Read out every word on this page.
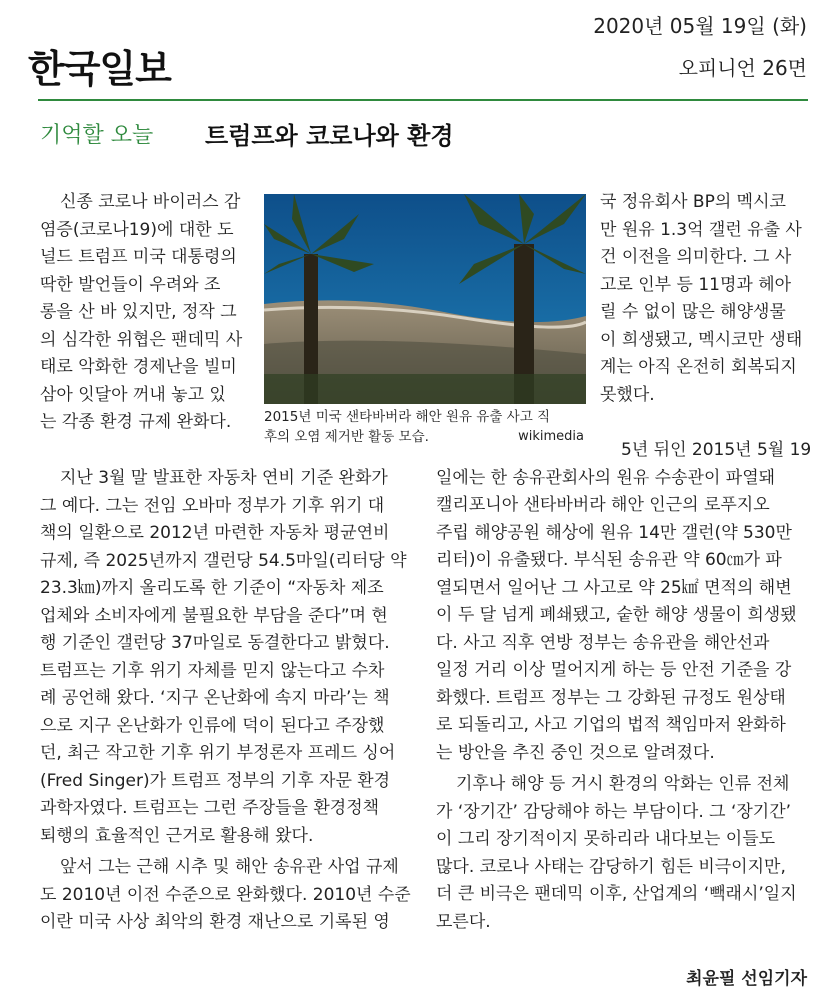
한국일보
2020년 05월 19일 (화)
오피니언 26면
기억할 오늘 트럼프와 코로나와 환경

신종 코로나 바이러스 감

염증(코로나19)에 대한 도

널드 트럼프 미국 대통령의

딱한 발언들이 우려와 조

롱을 산 바 있지만, 정작 그

의 심각한 위협은 팬데믹 사

태로 악화한 경제난을 빌미

삼아 잇달아 꺼내 놓고 있

는 각종 환경 규제 완화다.	2015년 미국 샌타바버라 해안 원유 유출 사고 직
후의 오염 제거반 활동 모습.	wikimedia

국 정유회사 BP의 멕시코

만 원유 1.3억 갤런 유출 사

건 이전을 의미한다. 그 사

고로 인부 등 11명과 헤아

릴 수 없이 많은 해양생물

이 희생됐고, 멕시코만 생태

계는 아직 온전히 회복되지

못했다.

지난 3월 말 발표한 자동차 연비 기준 완화가

그 예다. 그는 전임 오바마 정부가 기후 위기 대

책의 일환으로 2012년 마련한 자동차 평균연비

규제, 즉 2025년까지 갤런당 54.5마일(리터당 약

23.3㎞)까지 올리도록 한 기준이 “자동차 제조

업체와 소비자에게 불필요한 부담을 준다”며 현

행 기준인 갤런당 37마일로 동결한다고 밝혔다.

트럼프는 기후 위기 자체를 믿지 않는다고 수차

례 공언해 왔다. ‘지구 온난화에 속지 마라’는 책

으로 지구 온난화가 인류에 덕이 된다고 주장했

던, 최근 작고한 기후 위기 부정론자 프레드 싱어

(Fred Singer)가 트럼프 정부의 기후 자문 환경

과학자였다. 트럼프는 그런 주장들을 환경정책

퇴행의 효율적인 근거로 활용해 왔다.

앞서 그는 근해 시추 및 해안 송유관 사업 규제

도 2010년 이전 수준으로 완화했다. 2010년 수준

이란 미국 사상 최악의 환경 재난으로 기록된 영

5년 뒤인 2015년 5월 19

일에는 한 송유관회사의 원유 수송관이 파열돼

캘리포니아 샌타바버라 해안 인근의 로푸지오

주립 해양공원 해상에 원유 14만 갤런(약 530만

리터)이 유출됐다. 부식된 송유관 약 60㎝가 파

열되면서 일어난 그 사고로 약 25㎢ 면적의 해변

이 두 달 넘게 폐쇄됐고, 숱한 해양 생물이 희생됐

다. 사고 직후 연방 정부는 송유관을 해안선과

일정 거리 이상 멀어지게 하는 등 안전 기준을 강

화했다. 트럼프 정부는 그 강화된 규정도 원상태

로 되돌리고, 사고 기업의 법적 책임마저 완화하

는 방안을 추진 중인 것으로 알려졌다.

기후나 해양 등 거시 환경의 악화는 인류 전체

가 ‘장기간’ 감당해야 하는 부담이다. 그 ‘장기간’

이 그리 장기적이지 못하리라 내다보는 이들도

많다. 코로나 사태는 감당하기 힘든 비극이지만,

더 큰 비극은 팬데믹 이후, 산업계의 ‘빽래시’일지

모른다.

최윤필 선임기자
